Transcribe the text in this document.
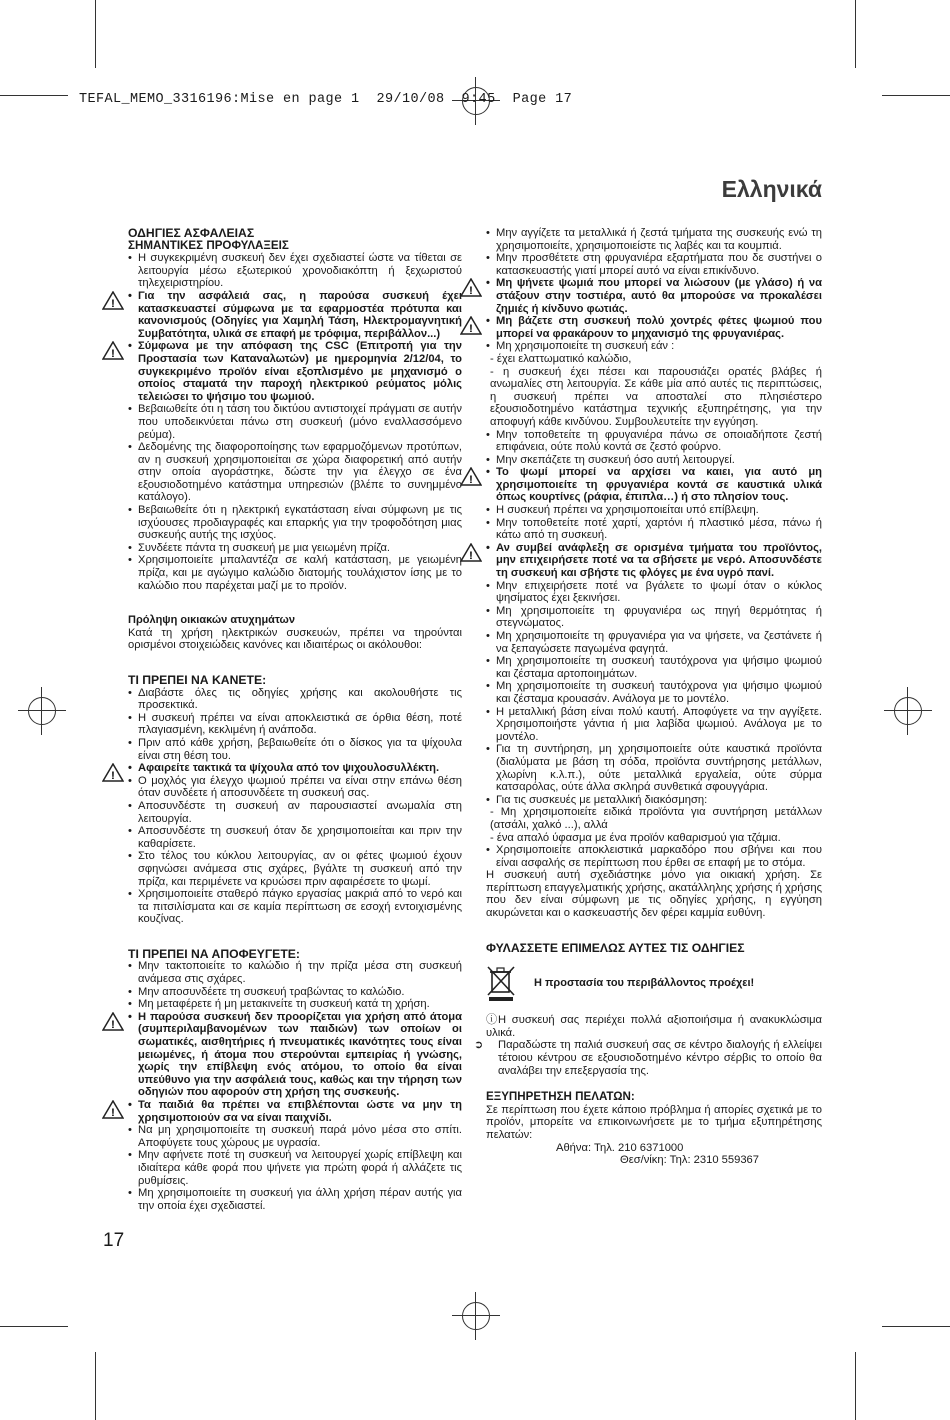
TEFAL_MEMO_3316196:Mise en page 1  29/10/08  9:45  Page 17
Ελληνικά
17

ΟΔΗΓΙΕΣ ΑΣΦΑΛΕΙΑΣ

ΣΗΜΑΝΤΙΚΕΣ ΠΡΟΦΥΛΑΞΕΙΣ

• Η συγκεκριμένη συσκευή δεν έχει σχεδιαστεί ώστε να τίθεται σε λειτουργία μέσω εξωτερικού χρονοδιακόπτη ή ξεχωριστού τηλεχειριστηρίου.

• Για την ασφάλειά σας, η παρούσα συσκευή έχει κατασκευαστεί σύμφωνα με τα εφαρμοστέα πρότυπα και κανονισμούς (Οδηγίες για Χαμηλή Τάση, Ηλεκτρομαγνητική Συμβατότητα, υλικά σε επαφή με τρόφιμα, περιβάλλον...)
!

• Σύμφωνα με την απόφαση της CSC (Επιτροπή για την Προστασία των Καταναλωτών) με ημερομηνία 2/12/04, το συγκεκριμένο προϊόν είναι εξοπλισμένο με μηχανισμό ο οποίος σταματά την παροχή ηλεκτρικού ρεύματος μόλις τελειώσει το ψήσιμο του ψωμιού.
!

• Βεβαιωθείτε ότι η τάση του δικτύου αντιστοιχεί πράγματι σε αυτήν που υποδεικνύεται πάνω στη συσκευή (μόνο εναλλασσόμενο ρεύμα).

• Δεδομένης της διαφοροποίησης των εφαρμοζόμενων προτύπων, αν η συσκευή χρησιμοποιείται σε χώρα διαφορετική από αυτήν στην οποία αγοράστηκε, δώστε την για έλεγχο σε ένα εξουσιοδοτημένο κατάστημα υπηρεσιών (βλέπε το συνημμένο κατάλογο).

• Βεβαιωθείτε ότι η ηλεκτρική εγκατάσταση είναι σύμφωνη με τις ισχύουσες προδιαγραφές και επαρκής για την τροφοδότηση μιας συσκευής αυτής της ισχύος.

• Συνδέετε πάντα τη συσκευή με μια γειωμένη πρίζα.

• Χρησιμοποιείτε μπαλαντέζα σε καλή κατάσταση, με γειωμένη πρίζα, και με αγώγιμο καλώδιο διατομής τουλάχιστον ίσης με το καλώδιο που παρέχεται μαζί με το προϊόν.

Πρόληψη οικιακών ατυχημάτων

Κατά τη χρήση ηλεκτρικών συσκευών, πρέπει να τηρούνται ορισμένοι στοιχειώδεις κανόνες και ιδιαιτέρως οι ακόλουθοι:

ΤΙ ΠΡΕΠΕΙ ΝΑ ΚΑΝΕΤΕ:

• Διαβάστε όλες τις οδηγίες χρήσης και ακολουθήστε τις προσεκτικά.

• Η συσκευή πρέπει να είναι αποκλειστικά σε όρθια θέση, ποτέ πλαγιασμένη, κεκλιμένη ή ανάποδα.

• Πριν από κάθε χρήση, βεβαιωθείτε ότι ο δίσκος για τα ψίχουλα είναι στη θέση του.

• Αφαιρείτε τακτικά τα ψίχουλα από τον ψιχουλοσυλλέκτη.
!

•	Ο μοχλός για έλεγχο ψωμιού πρέπει να είναι στην επάνω θέση όταν συνδέετε ή αποσυνδέετε τη συσκευή σας.

• Αποσυνδέστε τη συσκευή αν παρουσιαστεί ανωμαλία στη λειτουργία.

• Αποσυνδέστε τη συσκευή όταν δε χρησιμοποιείται και πριν την καθαρίσετε.

• Στο τέλος του κύκλου λειτουργίας, αν οι φέτες ψωμιού έχουν σφηνώσει ανάμεσα στις σχάρες, βγάλτε τη συσκευή από την πρίζα, και περιμένετε να κρυώσει πριν αφαιρέσετε το ψωμί.

• Χρησιμοποιείτε σταθερό πάγκο εργασίας μακριά από το νερό και τα πιτσιλίσματα και σε καμία περίπτωση σε εσοχή εντοιχισμένης κουζίνας.

ΤΙ ΠΡΕΠΕΙ ΝΑ ΑΠΟΦΕΥΓΕΤΕ:

• Μην τακτοποιείτε το καλώδιο ή την πρίζα μέσα στη συσκευή ανάμεσα στις σχάρες.

• Μην αποσυνδέετε τη συσκευή τραβώντας το καλώδιο.

• Μη μεταφέρετε ή μη μετακινείτε τη συσκευή κατά τη χρήση.

• Η παρούσα συσκευή δεν προορίζεται για χρήση από άτομα (συμπεριλαμβανομένων των παιδιών) των οποίων οι σωματικές, αισθητήριες ή πνευματικές ικανότητες τους είναι μειωμένες, ή άτομα που στερούνται εμπειρίας ή γνώσης, χωρίς την επίβλεψη ενός ατόμου, το οποίο θα είναι υπεύθυνο για την ασφάλειά τους, καθώς και την τήρηση των οδηγιών που αφορούν στη χρήση της συσκευής.
!

• Τα παιδιά θα πρέπει να επιβλέπονται ώστε να μην τη χρησιμοποιούν σα να είναι παιχνίδι.
!

• Να μη χρησιμοποιείτε τη συσκευή παρά μόνο μέσα στο σπίτι. Αποφύγετε τους χώρους με υγρασία.

• Μην αφήνετε ποτέ τη συσκευή να λειτουργεί χωρίς επίβλεψη και ιδιαίτερα κάθε φορά που ψήνετε για πρώτη φορά ή αλλάζετε τις ρυθμίσεις.

• Μη χρησιμοποιείτε τη συσκευή για άλλη χρήση πέραν αυτής για την οποία έχει σχεδιαστεί.

• Μην αγγίζετε τα μεταλλικά ή ζεστά τμήματα της συσκευής ενώ τη χρησιμοποιείτε, χρησιμοποιείστε τις λαβές και τα κουμπιά.

• Μην προσθέτετε στη φρυγανιέρα εξαρτήματα που δε συστήνει ο κατασκευαστής γιατί μπορεί αυτό να είναι επικίνδυνο.

• Μη ψήνετε ψωμιά που μπορεί να λιώσουν (με γλάσο) ή να στάξουν στην τοστιέρα, αυτό θα μπορούσε να προκαλέσει ζημιές ή κίνδυνο φωτιάς.
!

• Μη βάζετε στη συσκευή πολύ χοντρές φέτες ψωμιού που μπορεί να φρακάρουν το μηχανισμό της φρυγανιέρας.
!

• Μη χρησιμοποιείτε τη συσκευή εάν :

- έχει ελαττωματικό καλώδιο,

- η συσκευή έχει πέσει και παρουσιάζει ορατές βλάβες ή ανωμαλίες στη λειτουργία. Σε κάθε μία από αυτές τις περιπτώσεις, η συσκευή πρέπει να αποσταλεί στο πλησιέστερο εξουσιοδοτημένο κατάστημα τεχνικής εξυπηρέτησης, για την αποφυγή κάθε κινδύνου. Συμβουλευτείτε την εγγύηση.

• Μην τοποθετείτε τη φρυγανιέρα πάνω σε οποιαδήποτε ζεστή επιφάνεια, ούτε πολύ κοντά σε ζεστό φούρνο.

• Μην σκεπάζετε τη συσκευή όσο αυτή λειτουργεί.

• Το ψωμί μπορεί να αρχίσει να καιει, για αυτό μη χρησιμοποιείτε τη φρυγανιέρα κοντά σε καυστικά υλικά όπως κουρτίνες (ράφια, έπιπλα…) ή στο πλησίον τους.
!

• Η συσκευή πρέπει να χρησιμοποιείται υπό επίβλεψη.

• Μην τοποθετείτε ποτέ χαρτί, χαρτόνι ή πλαστικό μέσα, πάνω ή κάτω από τη συσκευή.

• Αν συμβεί ανάφλεξη σε ορισμένα τμήματα του προϊόντος, μην επιχειρήσετε ποτέ να τα σβήσετε με νερό. Αποσυνδέστε τη συσκευή και σβήστε τις φλόγες με ένα υγρό πανί.
!

• Μην επιχειρήσετε ποτέ να βγάλετε το ψωμί όταν ο κύκλος ψησίματος έχει ξεκινήσει.

• Μη χρησιμοποιείτε τη φρυγανιέρα ως πηγή θερμότητας ή στεγνώματος.

• Μη χρησιμοποιείτε τη φρυγανιέρα για να ψήσετε, να ζεστάνετε ή να ξεπαγώσετε παγωμένα φαγητά.

• Μη χρησιμοποιείτε τη συσκευή ταυτόχρονα για ψήσιμο ψωμιού και ζέσταμα αρτοποιημάτων.

• Μη χρησιμοποιείτε τη συσκευή ταυτόχρονα για ψήσιμο ψωμιού και ζέσταμα κρουασάν. Ανάλογα με το μοντέλο.

• Η μεταλλική βάση είναι πολύ καυτή. Αποφύγετε να την αγγίξετε. Χρησιμοποιήστε γάντια ή μια λαβίδα ψωμιού. Ανάλογα με το μοντέλο.

• Για τη συντήρηση, μη χρησιμοποιείτε ούτε καυστικά προϊόντα (διαλύματα με βάση τη σόδα, προϊόντα συντήρησης μετάλλων, χλωρίνη κ.λ.π.), ούτε μεταλλικά εργαλεία, ούτε σύρμα κατσαρόλας, ούτε άλλα σκληρά συνθετικά σφουγγάρια.

• Για τις συσκευές με μεταλλική διακόσμηση:

- Μη χρησιμοποιείτε ειδικά προϊόντα για συντήρηση μετάλλων (ατσάλι, χαλκό ...), αλλά

- ένα απαλό ύφασμα με ένα προϊόν καθαρισμού για τζάμια.

• Χρησιμοποιείτε αποκλειστικά μαρκαδόρο που σβήνει και που είναι ασφαλής σε περίπτωση που έρθει σε επαφή με το στόμα.

Η συσκευή αυτή σχεδιάστηκε μόνο για οικιακή χρήση. Σε περίπτωση επαγγελματικής χρήσης, ακατάλληλης χρήσης ή χρήσης που δεν είναι σύμφωνη με τις οδηγίες χρήσης, η εγγύηση ακυρώνεται και ο κασκευαστής δεν φέρει καμμία ευθύνη.

ΦΥΛΑΣΣΕΤΕ ΕΠΙΜΕΛΩΣ ΑΥΤΕΣ ΤΙΣ ΟΔΗΓΙΕΣ

Η προστασία του περιβάλλοντος προέχει!

ⓘΗ συσκευή σας περιέχει πολλά αξιοποιήσιμα ή ανακυκλώσιμα υλικά.

➲ Παραδώστε τη παλιά συσκευή σας σε κέντρο διαλογής ή ελλείψει τέτοιου κέντρου σε εξουσιοδοτημένο κέντρο σέρβις το οποίο θα αναλάβει την επεξεργασία της.

ΕΞΥΠΗΡΕΤΗΣΗ ΠΕΛΑΤΩΝ:

Σε περίπτωση που έχετε κάποιο πρόβλημα ή απορίες σχετικά με το προϊόν, μπορείτε να επικοινωνήσετε με το τμήμα εξυπηρέτησης πελατών:

Αθήνα: Τηλ. 210 6371000

Θεσ/νίκη: Τηλ: 2310 559367
